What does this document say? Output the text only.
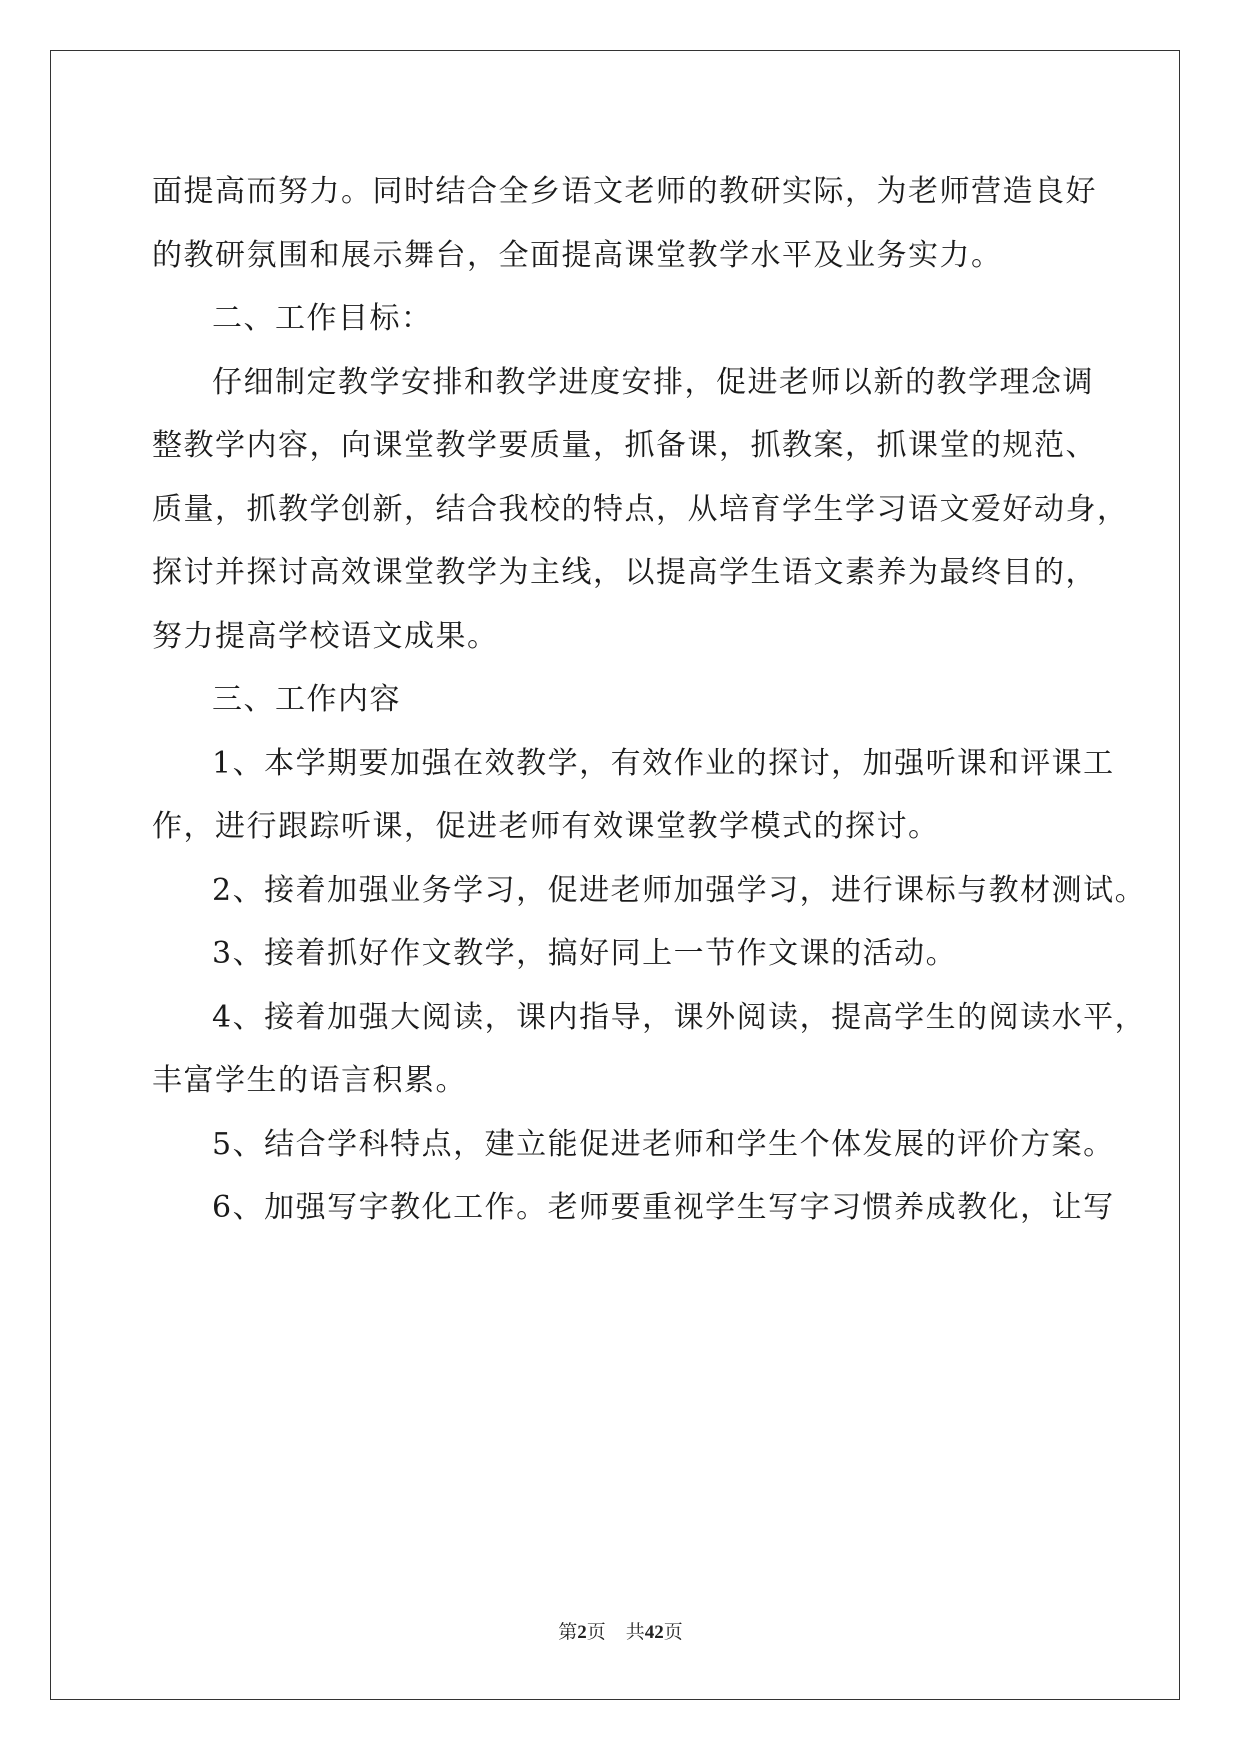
面提高而努力。同时结合全乡语文老师的教研实际，为老师营造良好
的教研氛围和展示舞台，全面提高课堂教学水平及业务实力。
二、工作目标：
仔细制定教学安排和教学进度安排，促进老师以新的教学理念调
整教学内容，向课堂教学要质量，抓备课，抓教案，抓课堂的规范、
质量，抓教学创新，结合我校的特点，从培育学生学习语文爱好动身，
探讨并探讨高效课堂教学为主线，以提高学生语文素养为最终目的，
努力提高学校语文成果。
三、工作内容
1、本学期要加强在效教学，有效作业的探讨，加强听课和评课工
作，进行跟踪听课，促进老师有效课堂教学模式的探讨。
2、接着加强业务学习，促进老师加强学习，进行课标与教材测试。
3、接着抓好作文教学，搞好同上一节作文课的活动。
4、接着加强大阅读，课内指导，课外阅读，提高学生的阅读水平，
丰富学生的语言积累。
5、结合学科特点，建立能促进老师和学生个体发展的评价方案。
6、加强写字教化工作。老师要重视学生写字习惯养成教化，让写
第2页 共42页
